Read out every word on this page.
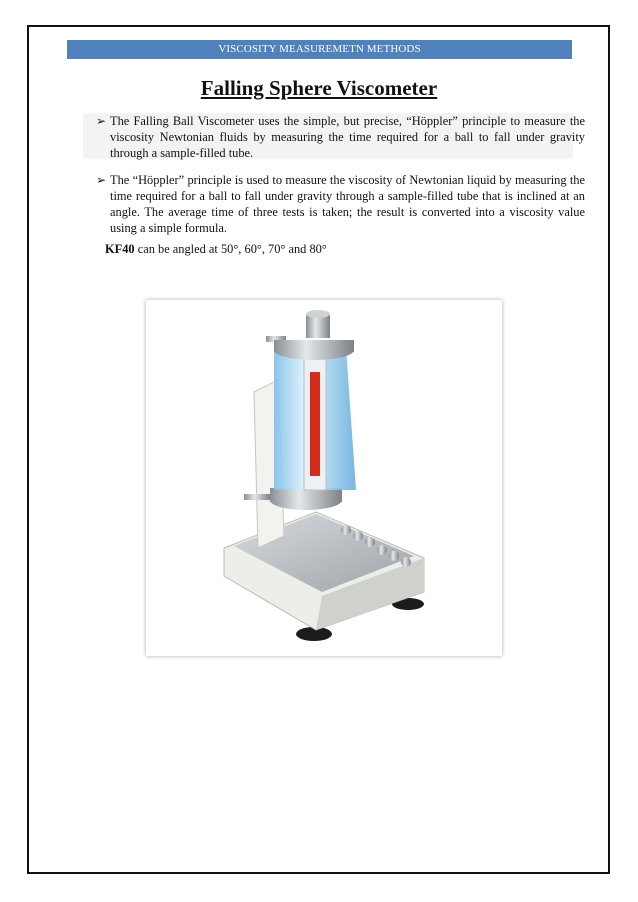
VISCOSITY MEASUREMETN METHODS
Falling Sphere Viscometer
➢ The Falling Ball Viscometer uses the simple, but precise, “Höppler” principle to measure the viscosity Newtonian fluids by measuring the time required for a ball to fall under gravity through a sample-filled tube.
➢ The “Höppler” principle is used to measure the viscosity of Newtonian liquid by measuring the time required for a ball to fall under gravity through a sample-filled tube that is inclined at an angle. The average time of three tests is taken; the result is converted into a viscosity value using a simple formula.
KF40 can be angled at 50°, 60°, 70° and 80°
